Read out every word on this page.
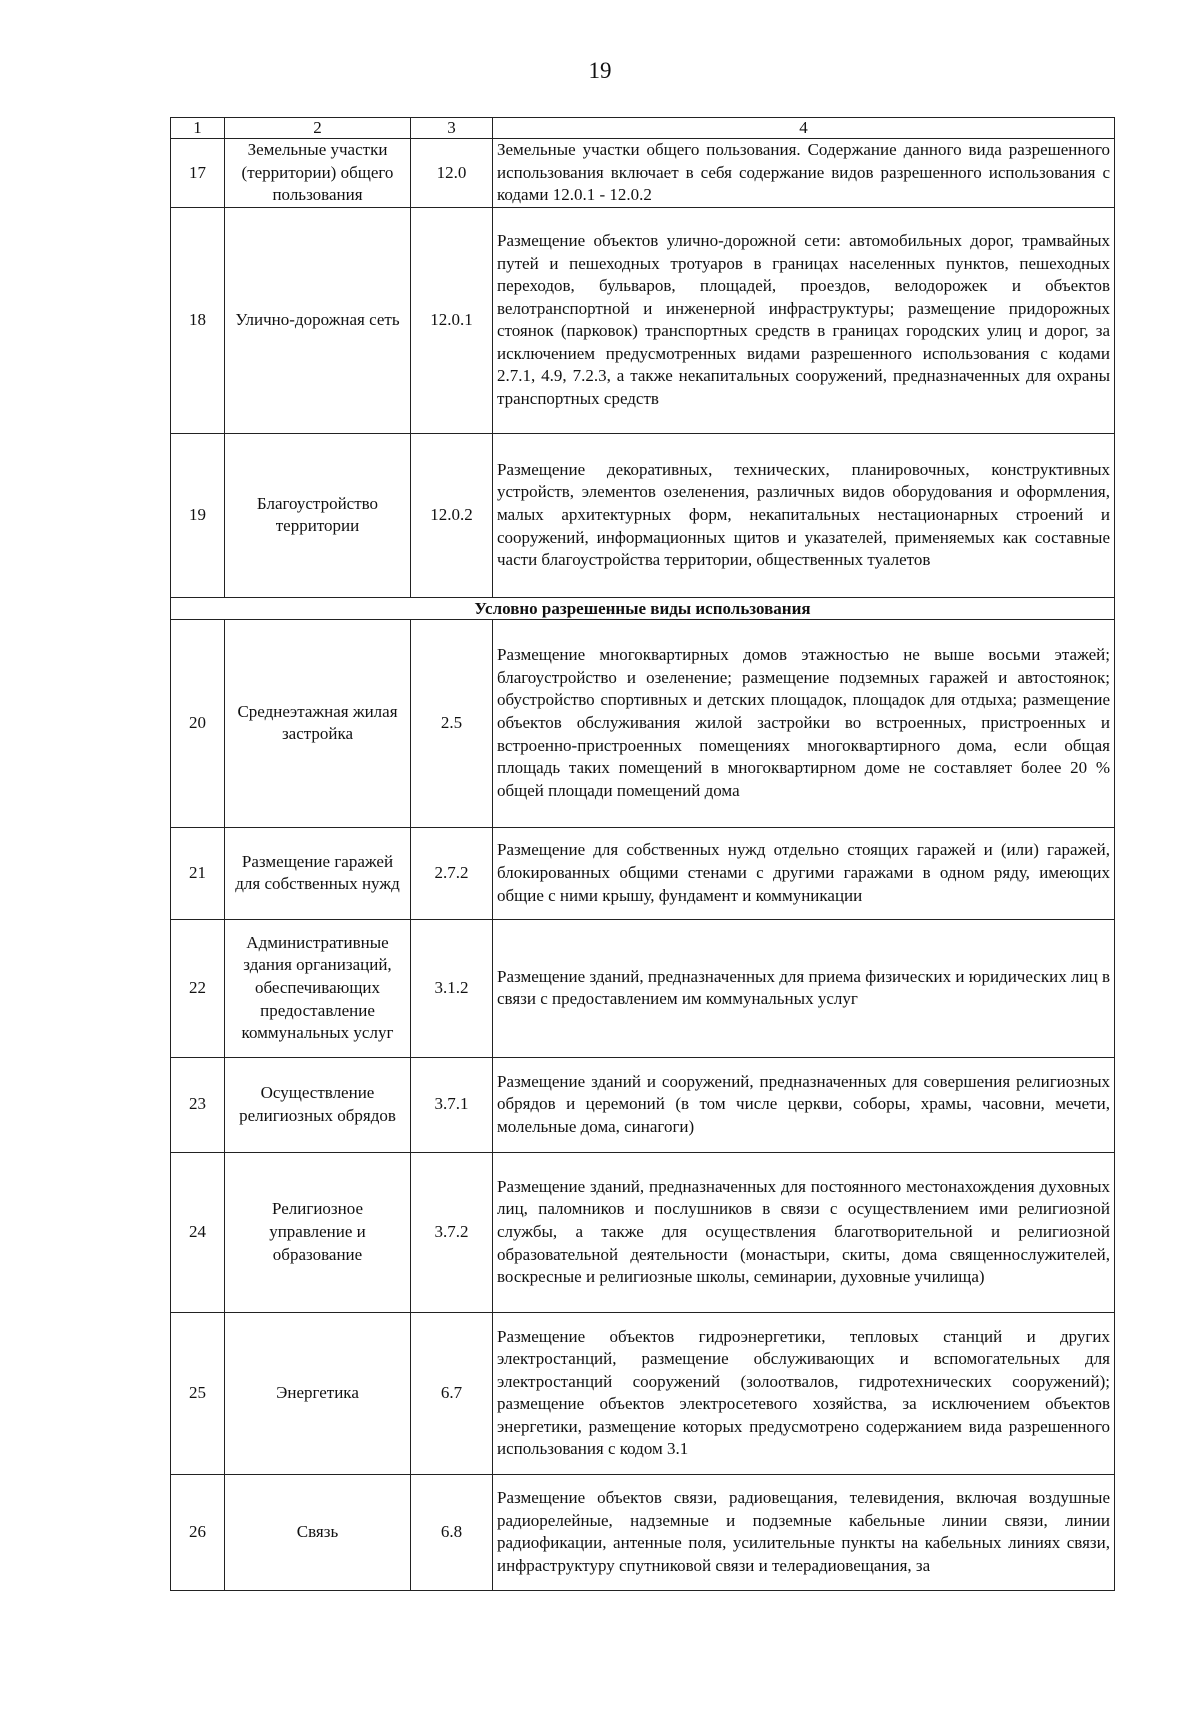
19
1	2	3	4
17	Земельные участки (территории) общего пользования	12.0	Земельные участки общего пользования. Содержание данного вида разрешенного использования включает в себя содержание видов разрешенного использования с кодами 12.0.1 - 12.0.2
18	Улично-дорожная сеть	12.0.1	Размещение объектов улично-дорожной сети: автомобильных дорог, трамвайных путей и пешеходных тротуаров в границах населенных пунктов, пешеходных переходов, бульваров, площадей, проездов, велодорожек и объектов велотранспортной и инженерной инфраструктуры; размещение придорожных стоянок (парковок) транспортных средств в границах городских улиц и дорог, за исключением предусмотренных видами разрешенного использования с кодами 2.7.1, 4.9, 7.2.3, а также некапитальных сооружений, предназначенных для охраны транспортных средств
19	Благоустройство территории	12.0.2	Размещение декоративных, технических, планировочных, конструктивных устройств, элементов озеленения, различных видов оборудования и оформления, малых архитектурных форм, некапитальных нестационарных строений и сооружений, информационных щитов и указателей, применяемых как составные части благоустройства территории, общественных туалетов
Условно разрешенные виды использования			
20	Среднеэтажная жилая застройка	2.5	Размещение многоквартирных домов этажностью не выше восьми этажей; благоустройство и озеленение; размещение подземных гаражей и автостоянок; обустройство спортивных и детских площадок, площадок для отдыха; размещение объектов обслуживания жилой застройки во встроенных, пристроенных и встроенно-пристроенных помещениях многоквартирного дома, если общая площадь таких помещений в многоквартирном доме не составляет более 20 % общей площади помещений дома
21	Размещение гаражей для собственных нужд	2.7.2	Размещение для собственных нужд отдельно стоящих гаражей и (или) гаражей, блокированных общими стенами с другими гаражами в одном ряду, имеющих общие с ними крышу, фундамент и коммуникации
22	Административные здания организаций, обеспечивающих предоставление коммунальных услуг	3.1.2	Размещение зданий, предназначенных для приема физических и юридических лиц в связи с предоставлением им коммунальных услуг
23	Осуществление религиозных обрядов	3.7.1	Размещение зданий и сооружений, предназначенных для совершения религиозных обрядов и церемоний (в том числе церкви, соборы, храмы, часовни, мечети, молельные дома, синагоги)
24	Религиозное управление и образование	3.7.2	Размещение зданий, предназначенных для постоянного местонахождения духовных лиц, паломников и послушников в связи с осуществлением ими религиозной службы, а также для осуществления благотворительной и религиозной образовательной деятельности (монастыри, скиты, дома священнослужителей, воскресные и религиозные школы, семинарии, духовные училища)
25	Энергетика	6.7	Размещение объектов гидроэнергетики, тепловых станций и других электростанций, размещение обслуживающих и вспомогательных для электростанций сооружений (золоотвалов, гидротехнических сооружений); размещение объектов электросетевого хозяйства, за исключением объектов энергетики, размещение которых предусмотрено содержанием вида разрешенного использования с кодом 3.1
26	Связь	6.8	Размещение объектов связи, радиовещания, телевидения, включая воздушные радиорелейные, надземные и подземные кабельные линии связи, линии радиофикации, антенные поля, усилительные пункты на кабельных линиях связи, инфраструктуру спутниковой связи и телерадиовещания, за
